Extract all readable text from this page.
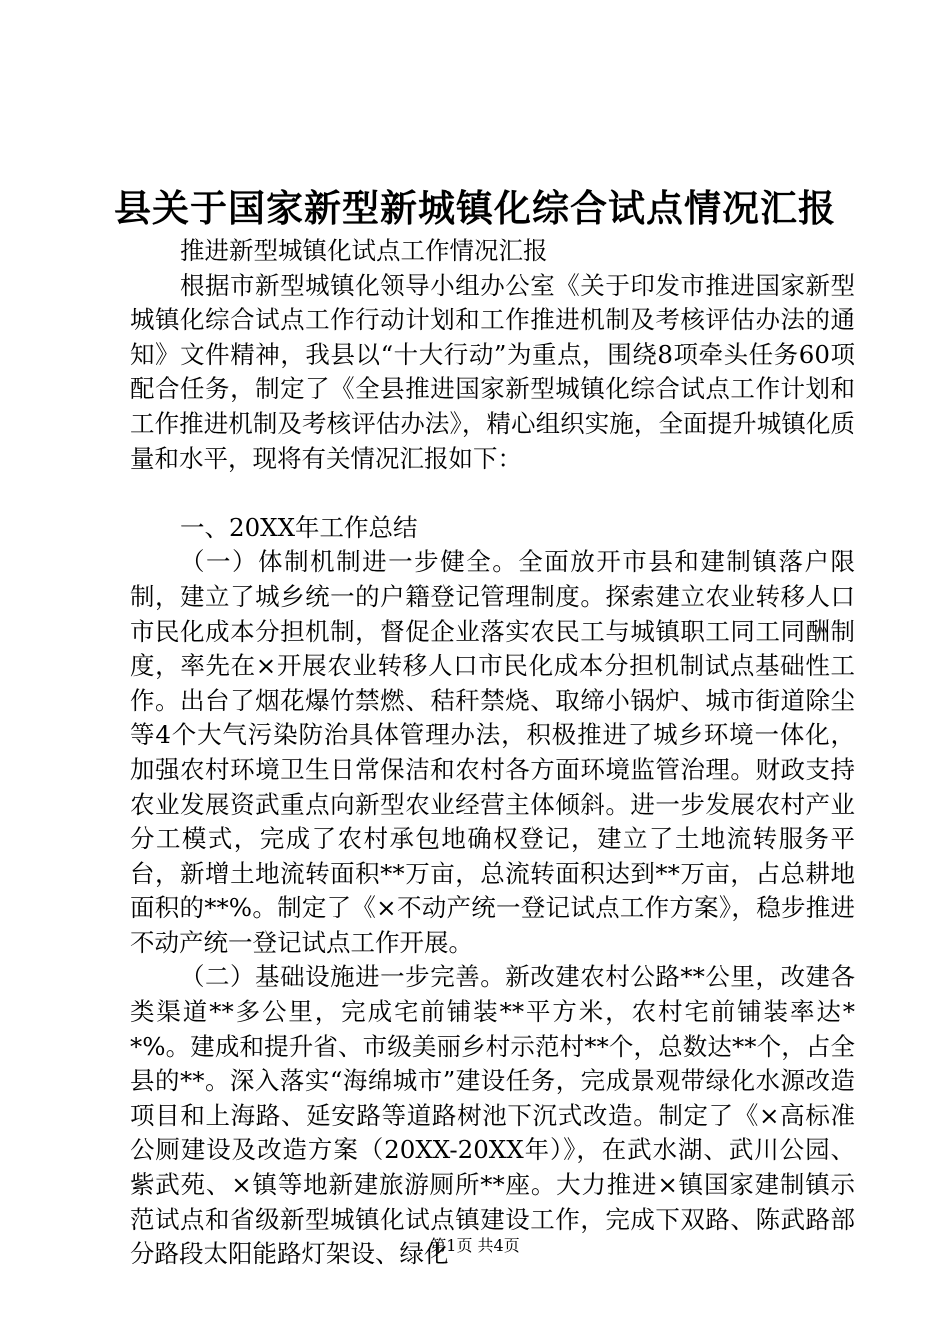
县关于国家新型新城镇化综合试点情况汇报

推进新型城镇化试点工作情况汇报

根据市新型城镇化领导小组办公室《关于印发市推进国家新型城镇化综合试点工作行动计划和工作推进机制及考核评估办法的通知》文件精神，我县以“十大行动”为重点，围绕8项牵头任务60项配合任务，制定了《全县推进国家新型城镇化综合试点工作计划和工作推进机制及考核评估办法》，精心组织实施，全面提升城镇化质量和水平，现将有关情况汇报如下：

一、20XX年工作总结

（一）体制机制进一步健全。全面放开市县和建制镇落户限制，建立了城乡统一的户籍登记管理制度。探索建立农业转移人口市民化成本分担机制，督促企业落实农民工与城镇职工同工同酬制度，率先在×开展农业转移人口市民化成本分担机制试点基础性工作。出台了烟花爆竹禁燃、秸秆禁烧、取缔小锅炉、城市街道除尘等4个大气污染防治具体管理办法，积极推进了城乡环境一体化，加强农村环境卫生日常保洁和农村各方面环境监管治理。财政支持农业发展资武重点向新型农业经营主体倾斜。进一步发展农村产业分工模式，完成了农村承包地确权登记，建立了土地流转服务平台，新增土地流转面积**万亩，总流转面积达到**万亩，占总耕地面积的**%。制定了《×不动产统一登记试点工作方案》，稳步推进不动产统一登记试点工作开展。

（二）基础设施进一步完善。新改建农村公路**公里，改建各类渠道**多公里，完成宅前铺装**平方米，农村宅前铺装率达**%。建成和提升省、市级美丽乡村示范村**个，总数达**个，占全县的**。深入落实“海绵城市”建设任务，完成景观带绿化水源改造项目和上海路、延安路等道路树池下沉式改造。制定了《×高标准公厕建设及改造方案（20XX-20XX年）》，在武水湖、武川公园、紫武苑、×镇等地新建旅游厕所**座。大力推进×镇国家建制镇示范试点和省级新型城镇化试点镇建设工作，完成下双路、陈武路部分路段太阳能路灯架设、绿化

第1页 共4页
